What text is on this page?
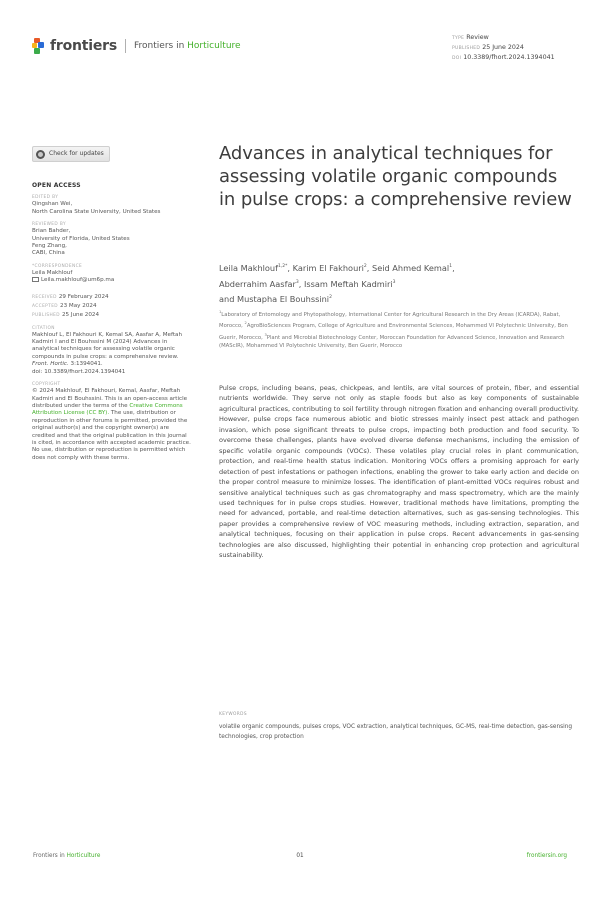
frontiers Frontiers in Horticulture
TYPE Review
PUBLISHED 25 June 2024
DOI 10.3389/fhort.2024.1394041
Check for updates
OPEN ACCESS
EDITED BY
Qingshan Wei,
North Carolina State University, United States
REVIEWED BY
Brian Bahder,
University of Florida, United States
Feng Zhang,
CABI, China
*CORRESPONDENCE
Leila Makhlouf
Leila.makhlouf@um6p.ma
RECEIVED 29 February 2024
ACCEPTED 23 May 2024
PUBLISHED 25 June 2024
CITATION
Makhlouf L, El Fakhouri K, Kemal SA, Aasfar A, Meftah Kadmiri I and El Bouhssini M (2024) Advances in analytical techniques for assessing volatile organic compounds in pulse crops: a comprehensive review. Front. Hortic. 3:1394041.
doi: 10.3389/fhort.2024.1394041
COPYRIGHT
© 2024 Makhlouf, El Fakhouri, Kemal, Aasfar, Meftah Kadmiri and El Bouhssini. This is an open-access article distributed under the terms of the Creative Commons Attribution License (CC BY). The use, distribution or reproduction in other forums is permitted, provided the original author(s) and the copyright owner(s) are credited and that the original publication in this journal is cited, in accordance with accepted academic practice. No use, distribution or reproduction is permitted which does not comply with these terms.
Advances in analytical techniques for assessing volatile organic compounds in pulse crops: a comprehensive review
Leila Makhlouf$^{1,2*}$, Karim El Fakhouri$^2$, Seid Ahmed Kemal$^1$,
Abderrahim Aasfar$^3$, Issam Meftah Kadmiri$^3$
and Mustapha El Bouhssini$^2$
$^1$Laboratory of Entomology and Phytopathology, International Center for Agricultural Research in the Dry Areas (ICARDA), Rabat, Morocco, $^2$AgroBioSciences Program, College of Agriculture and Environmental Sciences, Mohammed VI Polytechnic University, Ben Guerir, Morocco, $^3$Plant and Microbial Biotechnology Center, Moroccan Foundation for Advanced Science, Innovation and Research (MAScIR), Mohammed VI Polytechnic University, Ben Guerir, Morocco
Pulse crops, including beans, peas, chickpeas, and lentils, are vital sources of protein, fiber, and essential nutrients worldwide. They serve not only as staple foods but also as key components of sustainable agricultural practices, contributing to soil fertility through nitrogen fixation and enhancing overall productivity. However, pulse crops face numerous abiotic and biotic stresses mainly insect pest attack and pathogen invasion, which pose significant threats to pulse crops, impacting both production and food security. To overcome these challenges, plants have evolved diverse defense mechanisms, including the emission of specific volatile organic compounds (VOCs). These volatiles play crucial roles in plant communication, protection, and real-time health status indication. Monitoring VOCs offers a promising approach for early detection of pest infestations or pathogen infections, enabling the grower to take early action and decide on the proper control measure to minimize losses. The identification of plant-emitted VOCs requires robust and sensitive analytical techniques such as gas chromatography and mass spectrometry, which are the mainly used techniques for in pulse crops studies. However, traditional methods have limitations, prompting the need for advanced, portable, and real-time detection alternatives, such as gas-sensing technologies. This paper provides a comprehensive review of VOC measuring methods, including extraction, separation, and analytical techniques, focusing on their application in pulse crops. Recent advancements in gas-sensing technologies are also discussed, highlighting their potential in enhancing crop protection and agricultural sustainability.
KEYWORDS
volatile organic compounds, pulses crops, VOC extraction, analytical techniques, GC-MS, real-time detection, gas-sensing technologies, crop protection
Frontiers in Horticulture	01	frontiersin.org
